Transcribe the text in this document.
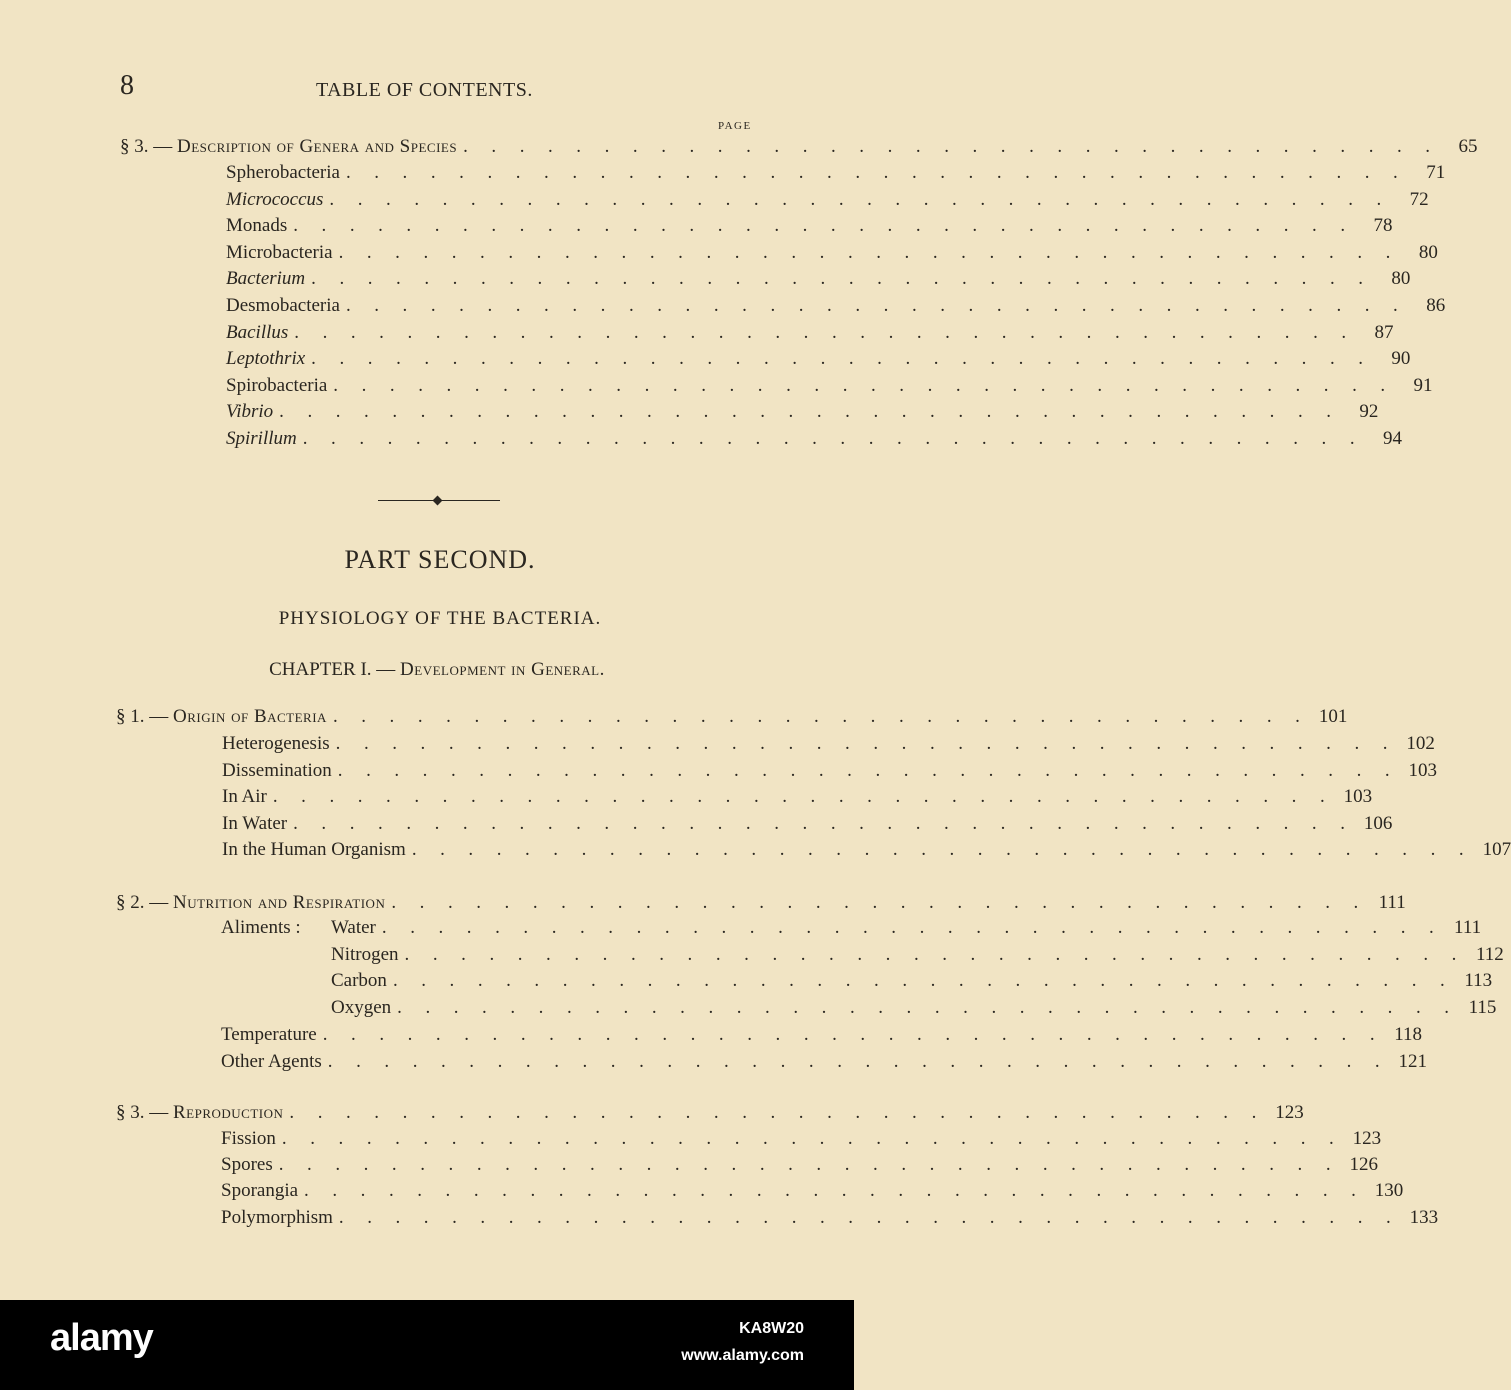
8	TABLE OF CONTENTS.
PAGE
§ 3. — Description of Genera and Species . . . . . . . . . . . . . . . . . . . . . . . . . . . . . . . . . . .	65
Spherobacteria . . . . . . . . . . . . . . . . . . . . . . . . . . . . . . . . . . . . . .	71
Micrococcus . . . . . . . . . . . . . . . . . . . . . . . . . . . . . . . . . . . . . .	72
Monads . . . . . . . . . . . . . . . . . . . . . . . . . . . . . . . . . . . . . .	78
Microbacteria . . . . . . . . . . . . . . . . . . . . . . . . . . . . . . . . . . . . . .	80
Bacterium . . . . . . . . . . . . . . . . . . . . . . . . . . . . . . . . . . . . . .	80
Desmobacteria . . . . . . . . . . . . . . . . . . . . . . . . . . . . . . . . . . . . . .	86
Bacillus . . . . . . . . . . . . . . . . . . . . . . . . . . . . . . . . . . . . . .	87
Leptothrix . . . . . . . . . . . . . . . . . . . . . . . . . . . . . . . . . . . . . .	90
Spirobacteria . . . . . . . . . . . . . . . . . . . . . . . . . . . . . . . . . . . . . .	91
Vibrio . . . . . . . . . . . . . . . . . . . . . . . . . . . . . . . . . . . . . .	92
Spirillum . . . . . . . . . . . . . . . . . . . . . . . . . . . . . . . . . . . . . .	94
PART SECOND.
PHYSIOLOGY OF THE BACTERIA.
CHAPTER I. — Development in General.
§ 1. — Origin of Bacteria . . . . . . . . . . . . . . . . . . . . . . . . . . . . . . . . . . . 101
Heterogenesis . . . . . . . . . . . . . . . . . . . . . . . . . . . . . . . . . . . . . . 102
Dissemination . . . . . . . . . . . . . . . . . . . . . . . . . . . . . . . . . . . . . . 103
In Air . . . . . . . . . . . . . . . . . . . . . . . . . . . . . . . . . . . . . . 103
In Water . . . . . . . . . . . . . . . . . . . . . . . . . . . . . . . . . . . . . . 106
In the Human Organism . . . . . . . . . . . . . . . . . . . . . . . . . . . . . . . . . . . . . . 107
§ 2. — Nutrition and Respiration . . . . . . . . . . . . . . . . . . . . . . . . . . . . . . . . . . . 111
Aliments : Water . . . . . . . . . . . . . . . . . . . . . . . . . . . . . . . . . . . . . . 111
Nitrogen . . . . . . . . . . . . . . . . . . . . . . . . . . . . . . . . . . . . . . 112
Carbon . . . . . . . . . . . . . . . . . . . . . . . . . . . . . . . . . . . . . . 113
Oxygen . . . . . . . . . . . . . . . . . . . . . . . . . . . . . . . . . . . . . . 115
Temperature . . . . . . . . . . . . . . . . . . . . . . . . . . . . . . . . . . . . . . 118
Other Agents . . . . . . . . . . . . . . . . . . . . . . . . . . . . . . . . . . . . . . 121
§ 3. — Reproduction . . . . . . . . . . . . . . . . . . . . . . . . . . . . . . . . . . . 123
Fission . . . . . . . . . . . . . . . . . . . . . . . . . . . . . . . . . . . . . . 123
Spores . . . . . . . . . . . . . . . . . . . . . . . . . . . . . . . . . . . . . . 126
Sporangia . . . . . . . . . . . . . . . . . . . . . . . . . . . . . . . . . . . . . . 130
Polymorphism . . . . . . . . . . . . . . . . . . . . . . . . . . . . . . . . . . . . . . 133
alamy	KA8W20
www.alamy.com
